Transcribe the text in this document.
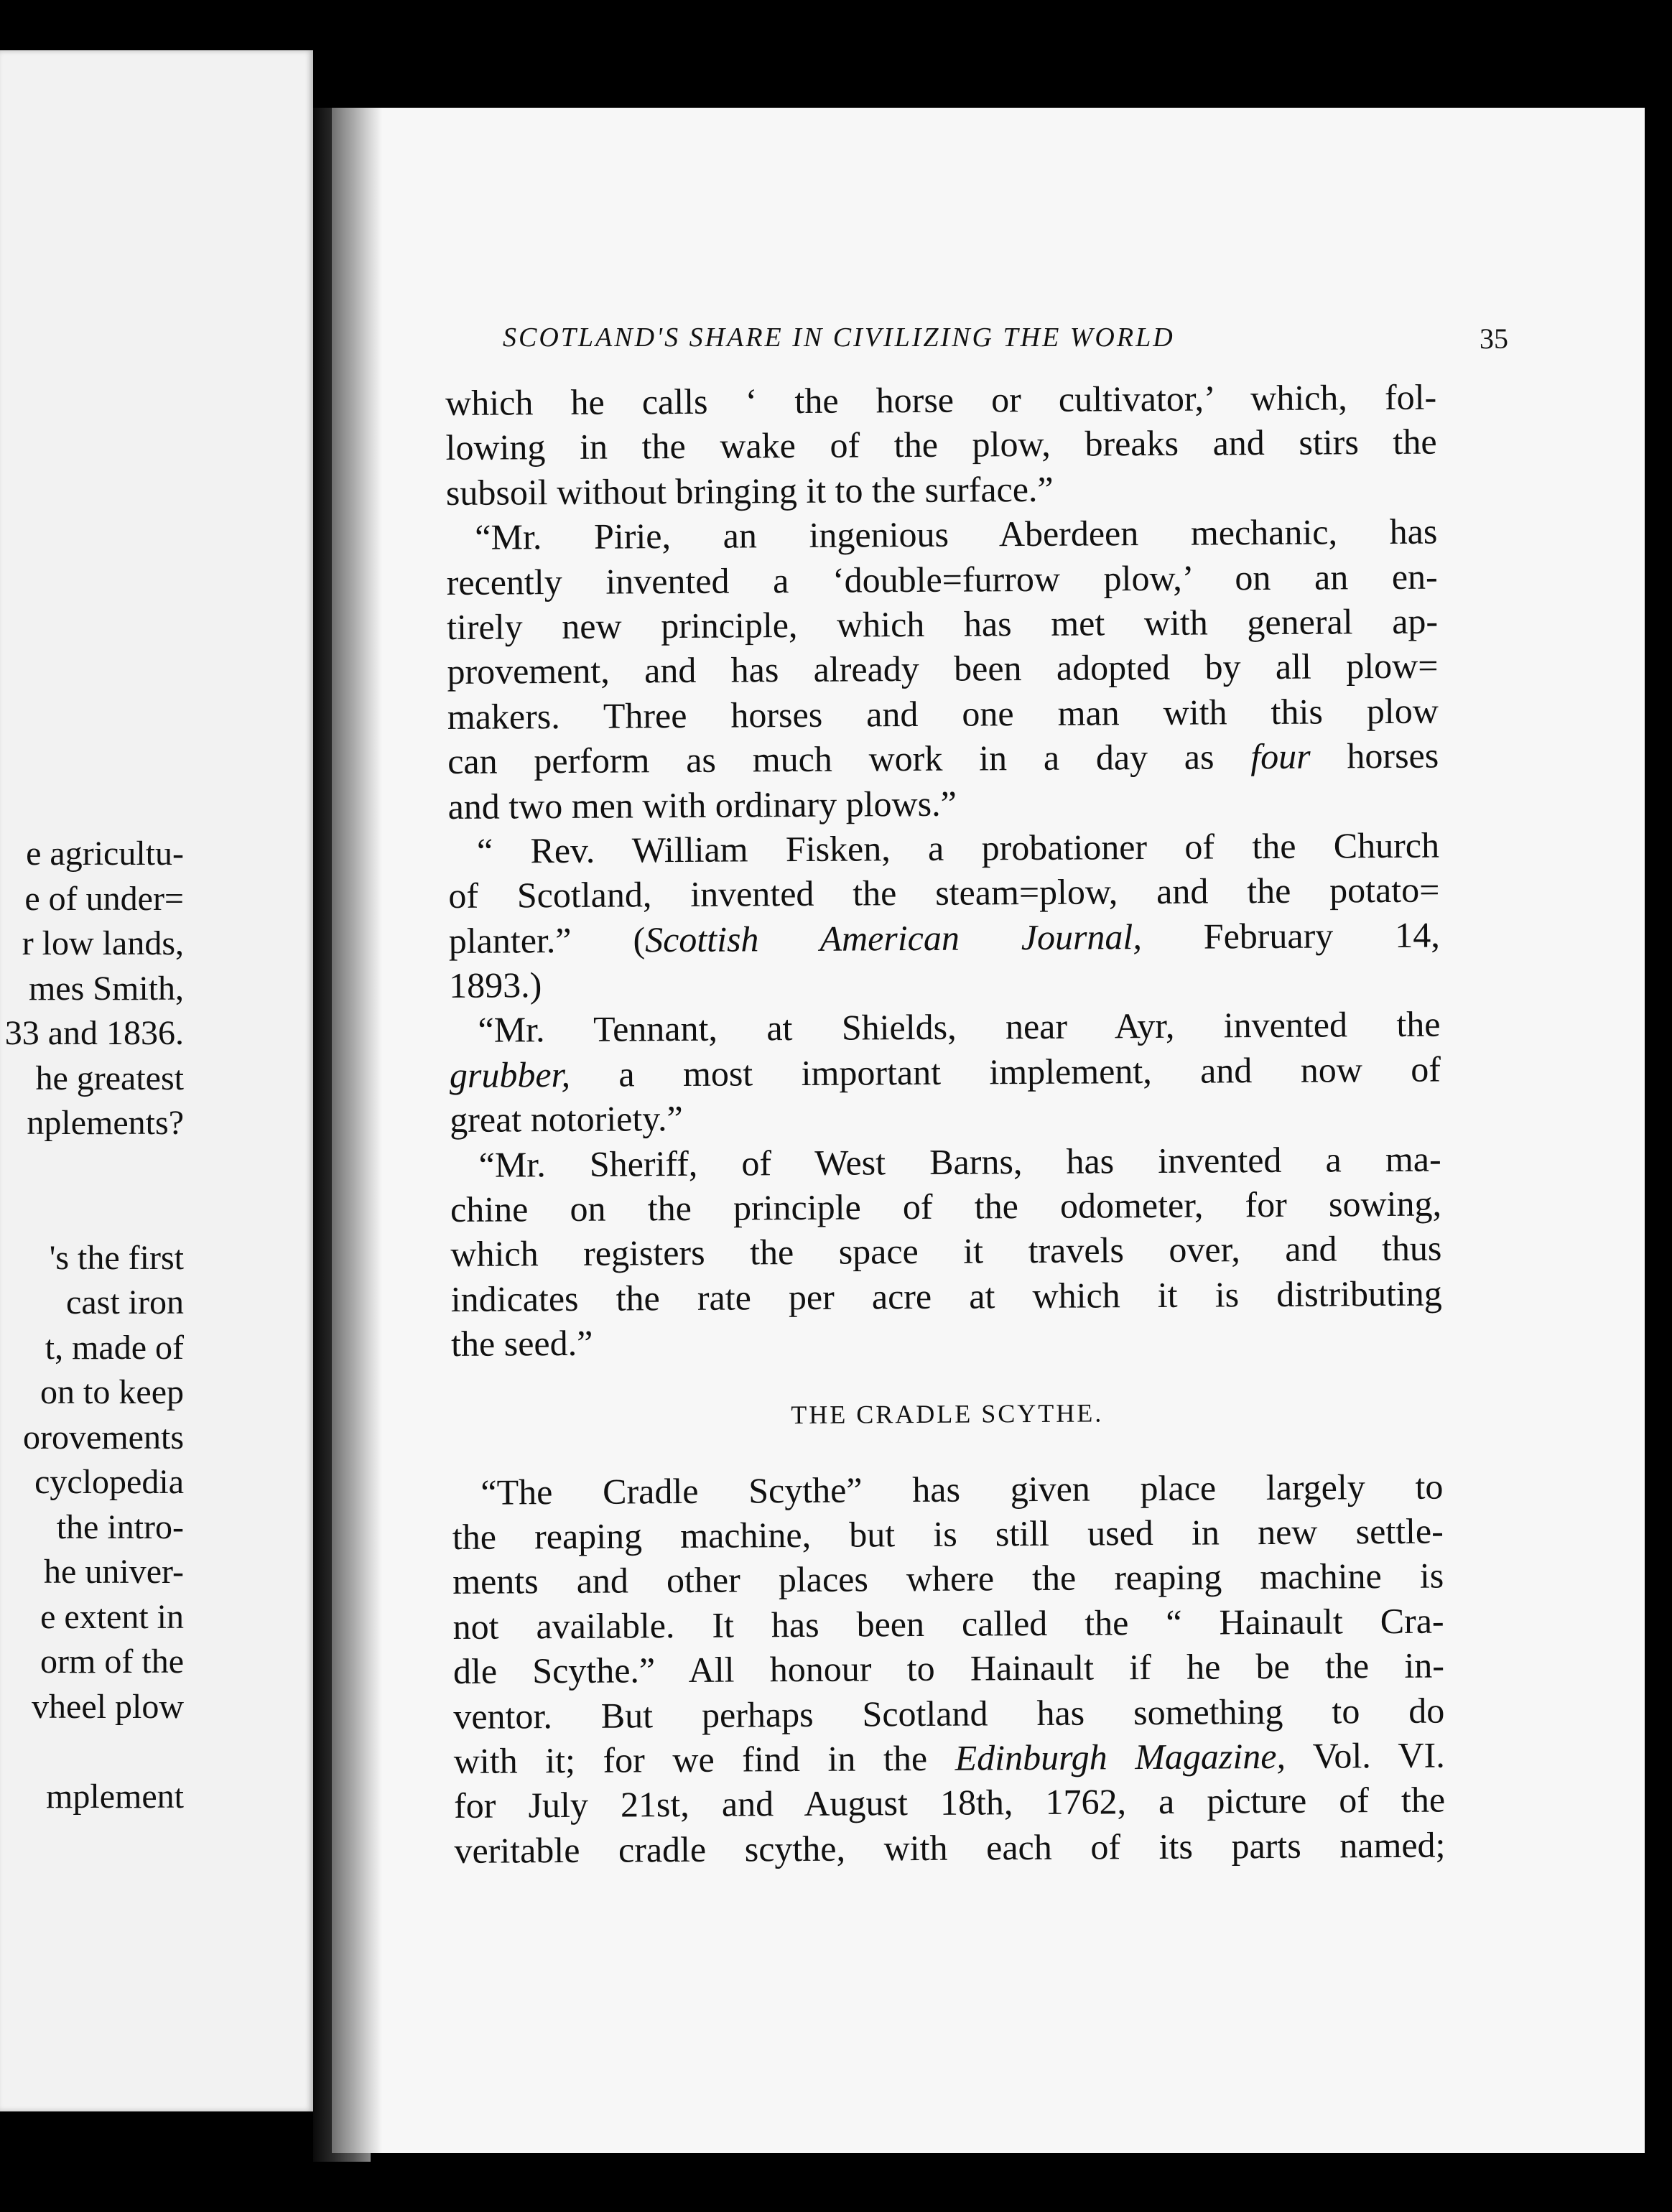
e agricultu-
e of under=
r low lands,
mes Smith,
33 and 1836.
he greatest
nplements?

's the first
cast iron
t, made of
on to keep
orovements
cyclopedia
the intro-
he univer-
e extent in
orm of the
vheel plow

mplement
SCOTLAND'S SHARE IN CIVILIZING THE WORLD	35
which he calls ‘ the horse or cultivator,’ which, fol-
lowing in the wake of the plow, breaks and stirs the
subsoil without bringing it to the surface.”
“Mr. Pirie, an ingenious Aberdeen mechanic, has
recently invented a ‘double=furrow plow,’ on an en-
tirely new principle, which has met with general ap-
provement, and has already been adopted by all plow=
makers. Three horses and one man with this plow
can perform as much work in a day as four horses
and two men with ordinary plows.”
“ Rev. William Fisken, a probationer of the Church
of Scotland, invented the steam=plow, and the potato=
planter.” (Scottish American Journal, February 14,
1893.)
“Mr. Tennant, at Shields, near Ayr, invented the
grubber, a most important implement, and now of
great notoriety.”
“Mr. Sheriff, of West Barns, has invented a ma-
chine on the principle of the odometer, for sowing,
which registers the space it travels over, and thus
indicates the rate per acre at which it is distributing
the seed.”
THE CRADLE SCYTHE.
“The Cradle Scythe” has given place largely to
the reaping machine, but is still used in new settle-
ments and other places where the reaping machine is
not available. It has been called the “ Hainault Cra-
dle Scythe.” All honour to Hainault if he be the in-
ventor. But perhaps Scotland has something to do
with it; for we find in the Edinburgh Magazine, Vol. VI.
for July 21st, and August 18th, 1762, a picture of the
veritable cradle scythe, with each of its parts named;
